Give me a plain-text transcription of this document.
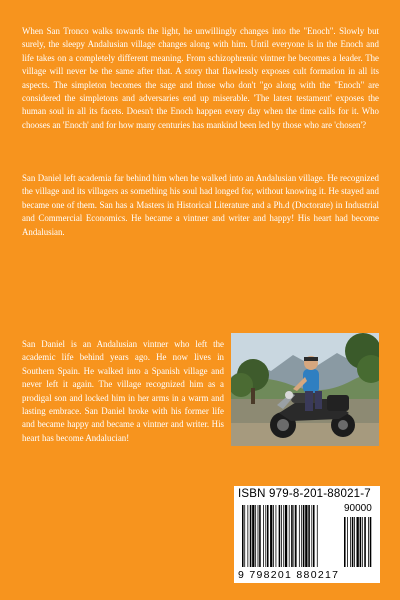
When San Tronco walks towards the light, he unwillingly changes into the "Enoch". Slowly but surely, the sleepy Andalusian village changes along with him. Until everyone is in the Enoch and life takes on a completely different meaning. From schizophrenic vintner he becomes a leader. The village will never be the same after that. A story that flawlessly exposes cult formation in all its aspects. The simpleton becomes the sage and those who don't "go along with the "Enoch" are considered the simpletons and adversaries end up miserable. 'The latest testament' exposes the human soul in all its facets. Doesn't the Enoch happen every day when the time calls for it. Who chooses an 'Enoch' and for how many centuries has mankind been led by those who are 'chosen'?

San Daniel left academia far behind him when he walked into an Andalusian village. He recognized the village and its villagers as something his soul had longed for, without knowing it. He stayed and became one of them. San has a Masters in Historical Literature and a Ph.d (Doctorate) in Industrial and Commercial Economics. He became a vintner and writer and happy! His heart had become Andalusian.

San Daniel is an Andalusian vintner who left the academic life behind years ago. He now lives in Southern Spain. He walked into a Spanish village and never left it again. The village recognized him as a prodigal son and locked him in her arms in a warm and lasting embrace. San Daniel broke with his former life and became happy and became a vintner and writer. His heart has become Andalucian!

ISBN 979-8-201-88021-7
90000
9 798201 880217
